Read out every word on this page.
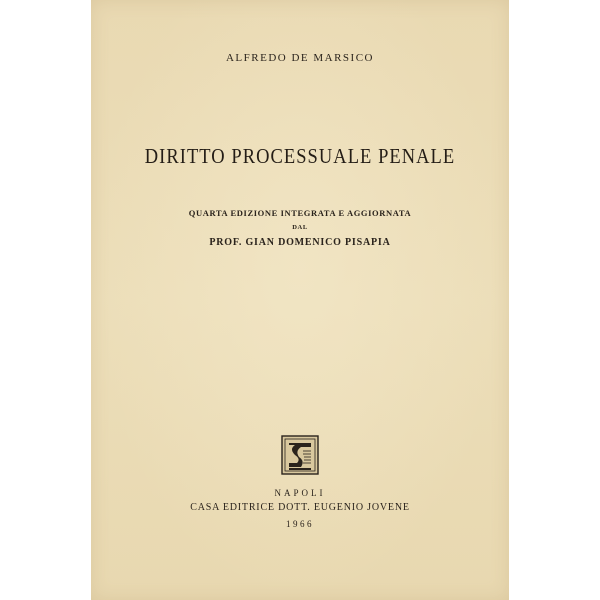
ALFREDO DE MARSICO
DIRITTO PROCESSUALE PENALE
QUARTA EDIZIONE INTEGRATA E AGGIORNATA
DAL
PROF. GIAN DOMENICO PISAPIA
NAPOLI
CASA EDITRICE DOTT. EUGENIO JOVENE
1966
